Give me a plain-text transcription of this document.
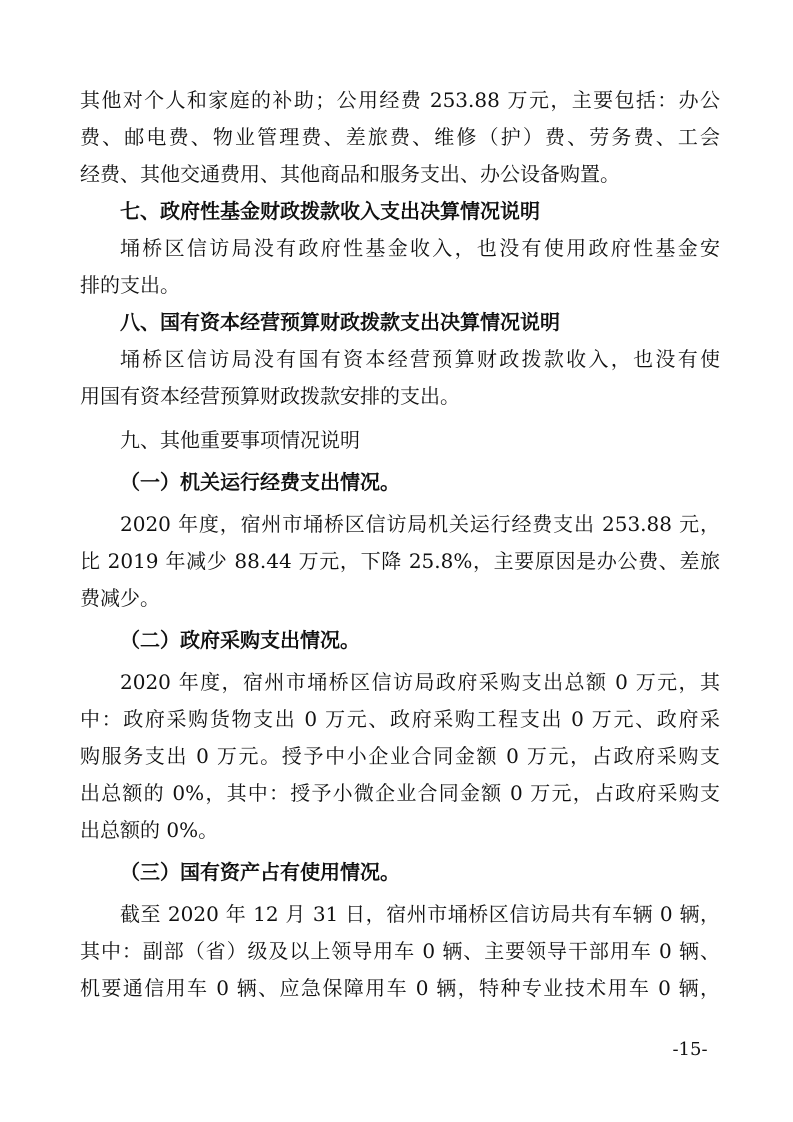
其他对个人和家庭的补助；公用经费 253.88 万元，主要包括：办公
费、邮电费、物业管理费、差旅费、维修（护）费、劳务费、工会
经费、其他交通费用、其他商品和服务支出、办公设备购置。
七、政府性基金财政拨款收入支出决算情况说明
埇桥区信访局没有政府性基金收入，也没有使用政府性基金安
排的支出。
八、国有资本经营预算财政拨款支出决算情况说明
埇桥区信访局没有国有资本经营预算财政拨款收入，也没有使
用国有资本经营预算财政拨款安排的支出。
九、其他重要事项情况说明
（一）机关运行经费支出情况。
2020 年度，宿州市埇桥区信访局机关运行经费支出 253.88 元，
比 2019 年减少 88.44 万元，下降 25.8%，主要原因是办公费、差旅
费减少。
（二）政府采购支出情况。
2020 年度，宿州市埇桥区信访局政府采购支出总额 0 万元，其
中：政府采购货物支出 0 万元、政府采购工程支出 0 万元、政府采
购服务支出 0 万元。授予中小企业合同金额 0 万元，占政府采购支
出总额的 0%，其中：授予小微企业合同金额 0 万元，占政府采购支
出总额的 0%。
（三）国有资产占有使用情况。
截至 2020 年 12 月 31 日，宿州市埇桥区信访局共有车辆 0 辆，
其中：副部（省）级及以上领导用车 0 辆、主要领导干部用车 0 辆、
机要通信用车 0 辆、应急保障用车 0 辆，特种专业技术用车 0 辆，
-15-
